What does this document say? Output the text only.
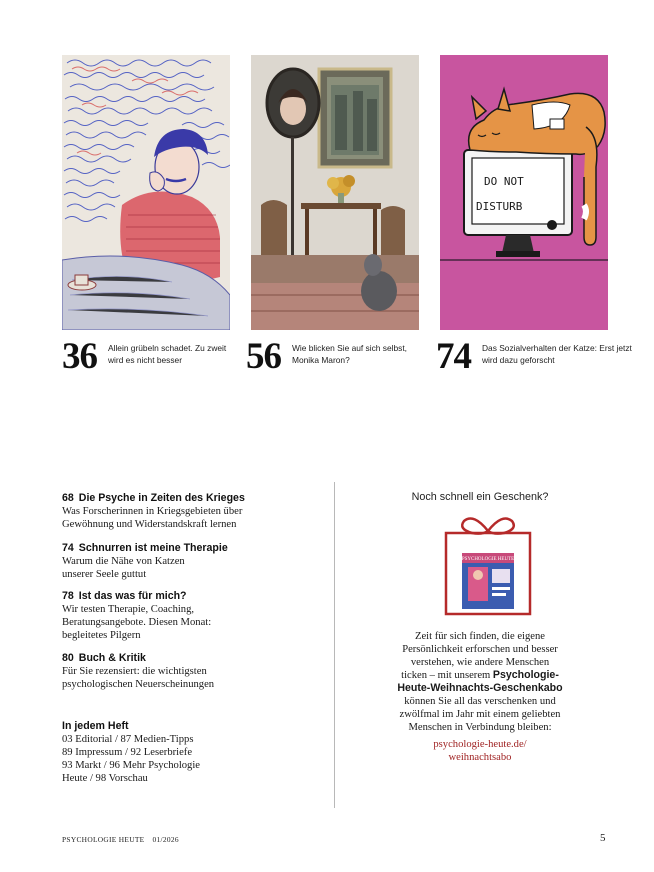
DO NOT
DISTURB
36 Allein grübeln schadet. Zu zweit wird es nicht besser	56 Wie blicken Sie auf sich selbst, Monika Maron?	74 Das Sozialverhalten der Katze: Erst jetzt wird dazu geforscht
68 Die Psyche in Zeiten des Krieges
Was Forscherinnen in Kriegsgebieten über
Gewöhnung und Widerstandskraft lernen
74 Schnurren ist meine Therapie
Warum die Nähe von Katzen
unserer Seele guttut
78 Ist das was für mich?
Wir testen Therapie, Coaching,
Beratungsangebote. Diesen Monat:
begleitetes Pilgern
80 Buch & Kritik
Für Sie rezensiert: die wichtigsten
psychologischen Neuerscheinungen
In jedem Heft
03 Editorial / 87 Medien-Tipps
89 Impressum / 92 Leserbriefe
93 Markt / 96 Mehr Psychologie
Heute / 98 Vorschau
Noch schnell ein Geschenk?
PSYCHOLOGIE HEUTE
Zeit für sich finden, die eigene
Persönlichkeit erforschen und besser
verstehen, wie andere Menschen
ticken – mit unserem Psychologie-
Heute-Weihnachts-Geschenkabo
können Sie all das verschenken und
zwölfmal im Jahr mit einem geliebten
Menschen in Verbindung bleiben:
psychologie-heute.de/
weihnachtsabo
PSYCHOLOGIE HEUTE 01/2026	5
